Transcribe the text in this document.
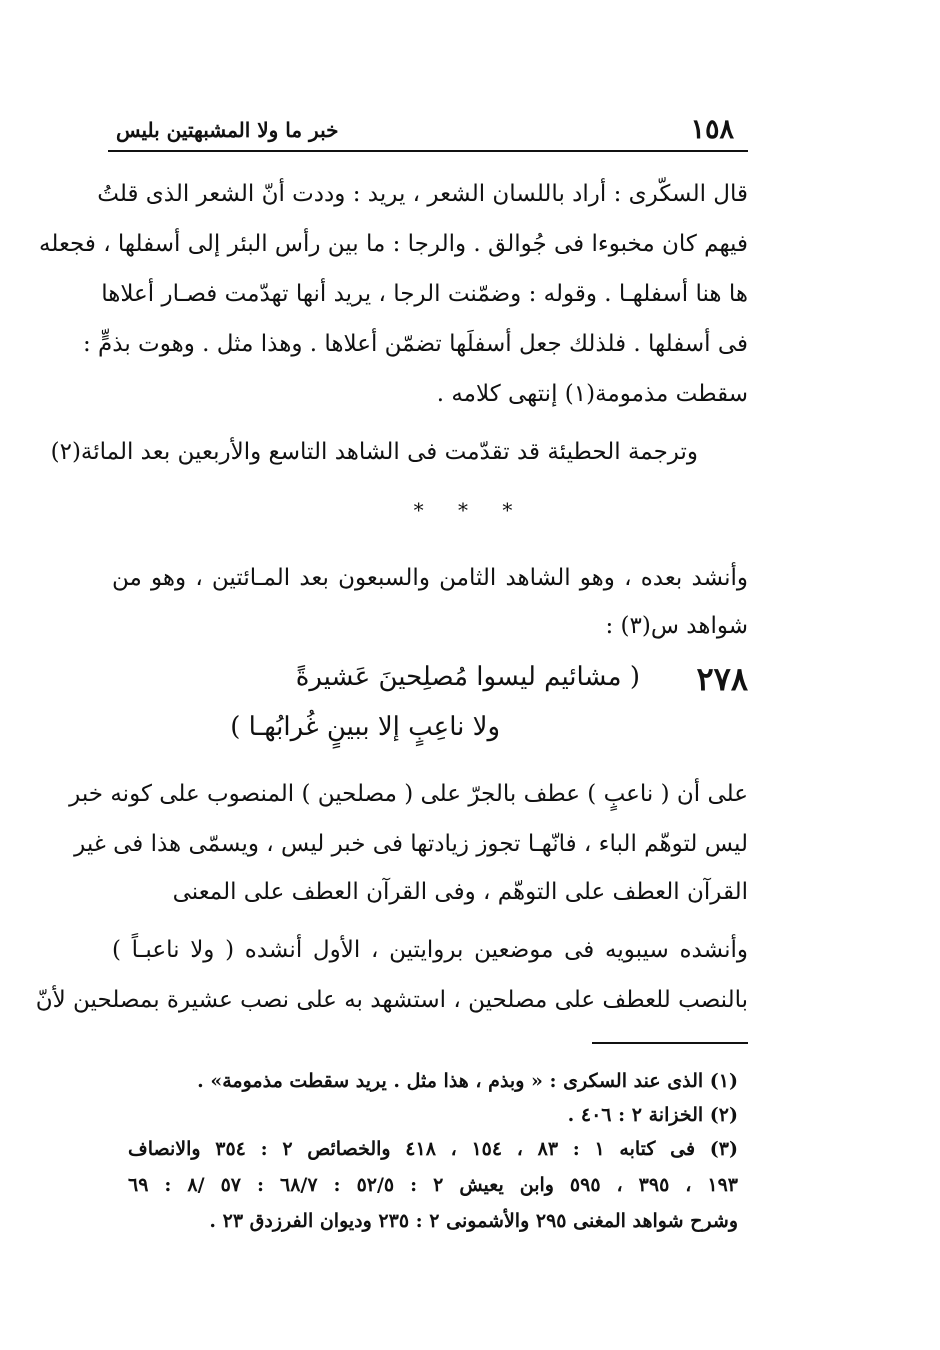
١٥٨
خبر ما ولا المشبهتين بليس
قال السكّرى : أراد باللسان الشعر ، يريد : وددت أنّ الشعر الذى قلتُ
فيهم كان مخبوءا فى جُوالق . والرجا : ما بين رأس البئر إلى أسفلها ، فجعله
ها هنا أسفلهـا . وقوله : وضمّنت الرجا ، يريد أنها تهدّمت فصـار أعلاها
فى أسفلها . فلذلك جعل أسفلَها تضمّن أعلاها . وهذا مثل . وهوت بذمٍّ :
سقطت مذمومة(١) إنتهى كلامه .
وترجمة الحطيئة قد تقدّمت فى الشاهد التاسع والأربعين بعد المائة(٢)
* * *
وأنشد بعده ، وهو الشاهد الثامن والسبعون بعد المـائتين ، وهو من
شواهد س(٣) :
٢٧٨
( مشائيم ليسوا مُصلِحينَ عَشيرةً
ولا ناعِبٍ إلا ببينٍ غُرابُهـا )
على أن ( ناعبٍ ) عطف بالجرّ على ( مصلحين ) المنصوب على كونه خبر
ليس لتوهّم الباء ، فانّهـا تجوز زيادتها فى خبر ليس ، ويسمّى هذا فى غير
القرآن العطف على التوهّم ، وفى القرآن العطف على المعنى
وأنشده سيبويه فى موضعين بروايتين ، الأول أنشده ( ولا ناعبـاً )
بالنصب للعطف على مصلحين ، استشهد به على نصب عشيرة بمصلحين لأنّ
(١) الذى عند السكرى : « وبذم ، هذا مثل . يريد سقطت مذمومة» .
(٢) الخزانة ٢ : ٤٠٦ .
(٣) فى كتابه ١ : ٨٣ ، ١٥٤ ، ٤١٨ والخصائص ٢ : ٣٥٤ والانصاف
١٩٣ ، ٣٩٥ ، ٥٩٥ وابن يعيش ٢ : ٥٢/٥ : ٦٨/٧ : ٥٧ /٨ : ٦٩
وشرح شواهد المغنى ٢٩٥ والأشمونى ٢ : ٢٣٥ وديوان الفرزدق ٢٣ .
